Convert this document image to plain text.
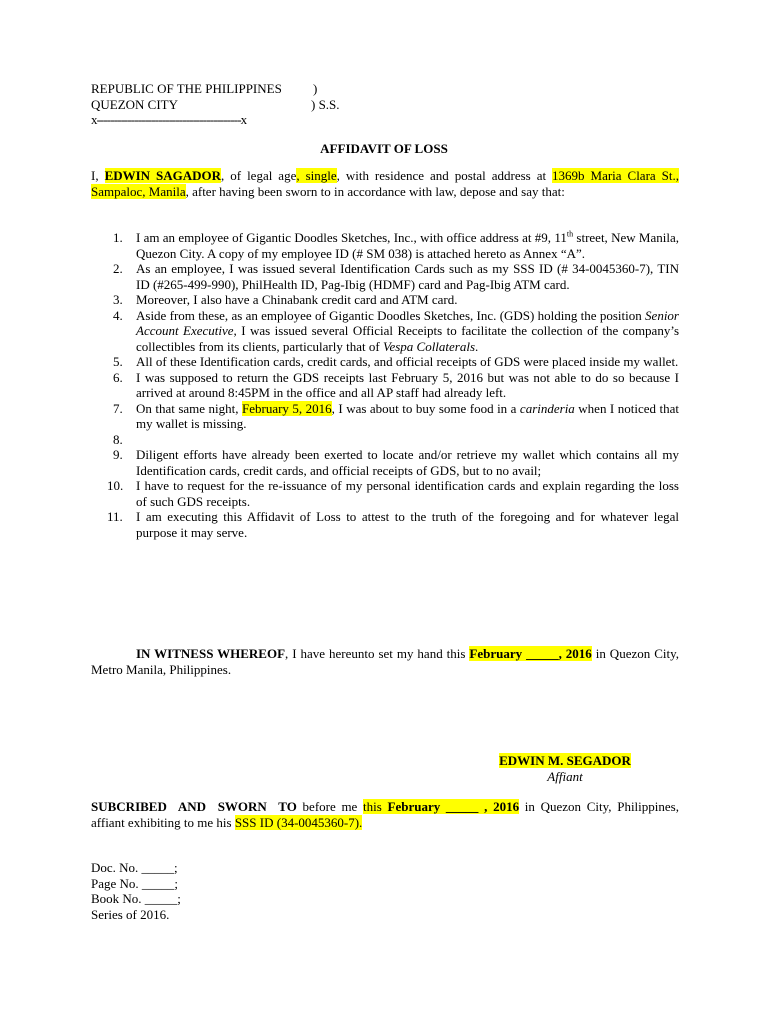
REPUBLIC OF THE PHILIPPINES )
QUEZON CITY	) S.S.
x------------------------------------------x
AFFIDAVIT OF LOSS
I, EDWIN SAGADOR, of legal age, single, with residence and postal address at 1369b Maria Clara St., Sampaloc, Manila, after having been sworn to in accordance with law, depose and say that:
1.	I am an employee of Gigantic Doodles Sketches, Inc., with office address at #9, 11th street, New Manila, Quezon City. A copy of my employee ID (# SM 038) is attached hereto as Annex “A”.
2.	As an employee, I was issued several Identification Cards such as my SSS ID (# 34-0045360-7), TIN ID (#265-499-990), PhilHealth ID, Pag-Ibig (HDMF) card and Pag-Ibig ATM card.
3.	Moreover, I also have a Chinabank credit card and ATM card.
4.	Aside from these, as an employee of Gigantic Doodles Sketches, Inc. (GDS) holding the position Senior Account Executive, I was issued several Official Receipts to facilitate the collection of the company’s collectibles from its clients, particularly that of Vespa Collaterals.
5.	All of these Identification cards, credit cards, and official receipts of GDS were placed inside my wallet.
6.	I was supposed to return the GDS receipts last February 5, 2016 but was not able to do so because I arrived at around 8:45PM in the office and all AP staff had already left.
7.	On that same night, February 5, 2016, I was about to buy some food in a carinderia when I noticed that my wallet is missing.
8.
9.	Diligent efforts have already been exerted to locate and/or retrieve my wallet which contains all my Identification cards, credit cards, and official receipts of GDS, but to no avail;
10. I have to request for the re-issuance of my personal identification cards and explain regarding the loss of such GDS receipts.
11.	I am executing this Affidavit of Loss to attest to the truth of the foregoing and for whatever legal purpose it may serve.
IN WITNESS WHEREOF, I have hereunto set my hand this February _____, 2016 in Quezon City, Metro Manila, Philippines.
EDWIN M. SEGADOR
Affiant
SUBCRIBED AND SWORN TO before me this February _____ , 2016 in Quezon City, Philippines, affiant exhibiting to me his SSS ID (34-0045360-7).
Doc. No. _____;
Page No. _____;
Book No. _____;
Series of 2016.
